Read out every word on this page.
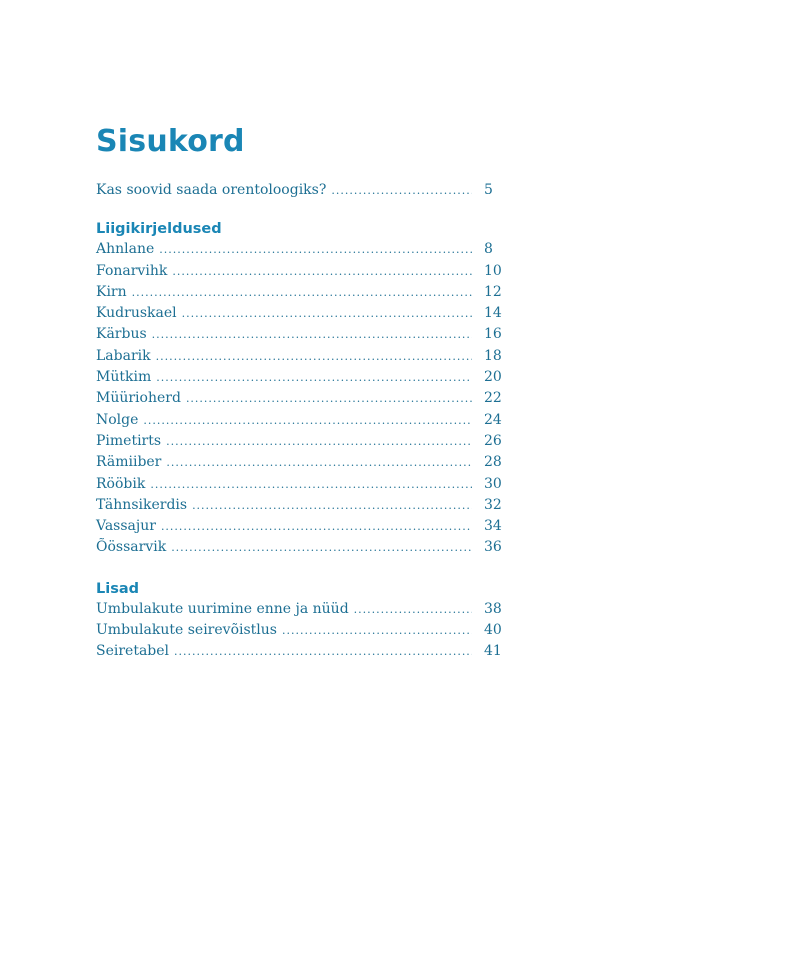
Sisukord
Kas soovid saada orentoloogiks? .....	5
Liigikirjeldused
Ahnlane .....	8
Fonarvihk .....	10
Kirn .....	12
Kudruskael .....	14
Kärbus .....	16
Labarik .....	18
Mütkim .....	20
Müürioherd .....	22
Nolge .....	24
Pimetirts .....	26
Rämiiber .....	28
Rööbik .....	30
Tähnsikerdis .....	32
Vassajur .....	34
Õössarvik .....	36
Lisad
Umbulakute uurimine enne ja nüüd .....	38
Umbulakute seirevõistlus .....	40
Seiretabel .....	41
